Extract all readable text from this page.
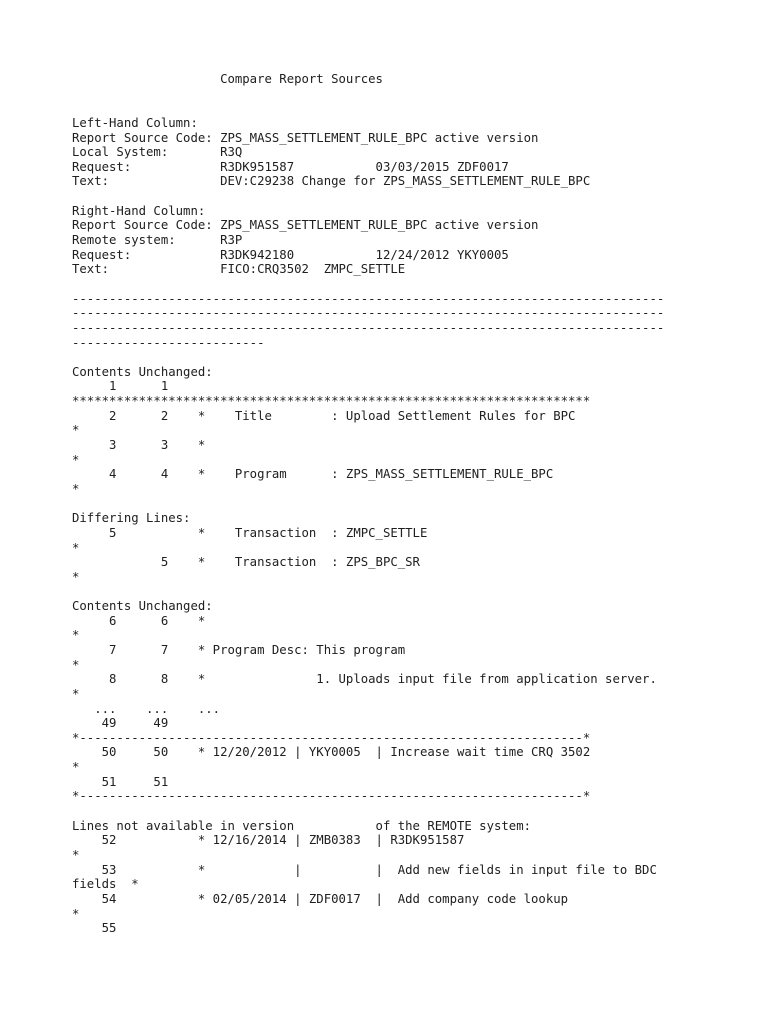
Compare Report Sources
Left-Hand Column:
Report Source Code: ZPS_MASS_SETTLEMENT_RULE_BPC active version
Local System:       R3Q
Request:            R3DK951587           03/03/2015 ZDF0017
Text:               DEV:C29238 Change for ZPS_MASS_SETTLEMENT_RULE_BPC
Right-Hand Column:
Report Source Code: ZPS_MASS_SETTLEMENT_RULE_BPC active version
Remote system:      R3P
Request:            R3DK942180           12/24/2012 YKY0005
Text:               FICO:CRQ3502  ZMPC_SETTLE
--------------------------------------------------------------------------------
--------------------------------------------------------------------------------
--------------------------------------------------------------------------------
--------------------------
Contents Unchanged:
1      1
**********************************************************************
2      2    *    Title        : Upload Settlement Rules for BPC
*
3      3    *
*
4      4    *    Program      : ZPS_MASS_SETTLEMENT_RULE_BPC
*
Differing Lines:
5           *    Transaction  : ZMPC_SETTLE
*
5    *    Transaction  : ZPS_BPC_SR
*
Contents Unchanged:
6      6    *
*
7      7    * Program Desc: This program
*
8      8    *               1. Uploads input file from application server.
*
...    ...    ...
49     49
*--------------------------------------------------------------------*
50     50    * 12/20/2012 | YKY0005  | Increase wait time CRQ 3502
*
51     51
*--------------------------------------------------------------------*
Lines not available in version           of the REMOTE system:
52           * 12/16/2014 | ZMB0383  | R3DK951587
*
53           *            |          |  Add new fields in input file to BDC
fields  *
54           * 02/05/2014 | ZDF0017  |  Add company code lookup
*
55
